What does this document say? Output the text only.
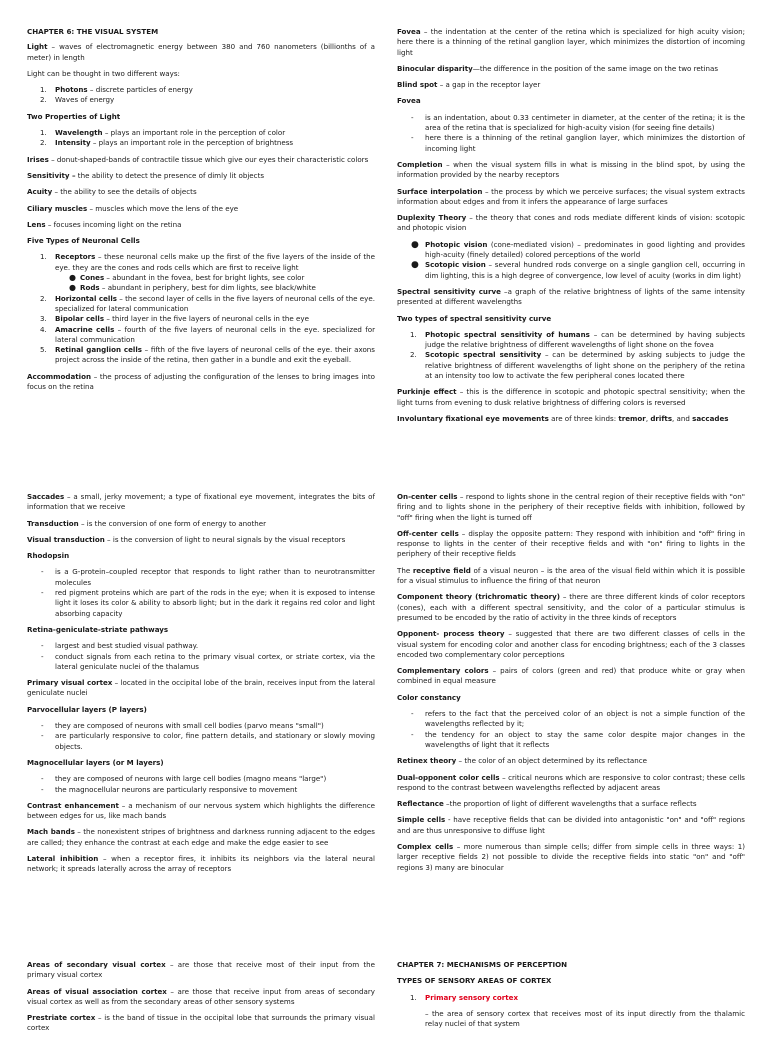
CHAPTER 6: THE VISUAL SYSTEM

Light – waves of electromagnetic energy between 380 and 760 nanometers (billionths of a meter) in length

Light can be thought in two different ways:

1. Photons – discrete particles of energy
2. Waves of energy

Two Properties of Light

1. Wavelength – plays an important role in the perception of color
2. Intensity – plays an important role in the perception of brightness

Irises – donut-shaped-bands of contractile tissue which give our eyes their characteristic colors

Sensitivity – the ability to detect the presence of dimly lit objects

Acuity – the ability to see the details of objects

Ciliary muscles – muscles which move the lens of the eye

Lens – focuses incoming light on the retina

Five Types of Neuronal Cells

1. Receptors – these neuronal cells make up the first of the five layers of the inside of the eye. they are the cones and rods cells which are first to receive light
● Cones – abundant in the fovea, best for bright lights, see color
● Rods – abundant in periphery, best for dim lights, see black/white
2. Horizontal cells – the second layer of cells in the five layers of neuronal cells of the eye. specialized for lateral communication
3. Bipolar cells – third layer in the five layers of neuronal cells in the eye
4. Amacrine cells – fourth of the five layers of neuronal cells in the eye. specialized for lateral communication
5. Retinal ganglion cells – fifth of the five layers of neuronal cells of the eye. their axons project across the inside of the retina, then gather in a bundle and exit the eyeball.

Accommodation – the process of adjusting the configuration of the lenses to bring images into focus on the retina

Saccades – a small, jerky movement; a type of fixational eye movement, integrates the bits of information that we receive

Transduction – is the conversion of one form of energy to another

Visual transduction – is the conversion of light to neural signals by the visual receptors

Rhodopsin

- is a G-protein–coupled receptor that responds to light rather than to neurotransmitter molecules
- red pigment proteins which are part of the rods in the eye; when it is exposed to intense light it loses its color & ability to absorb light; but in the dark it regains red color and light absorbing capacity

Retina-geniculate-striate pathways

- largest and best studied visual pathway.
- conduct signals from each retina to the primary visual cortex, or striate cortex, via the lateral geniculate nuclei of the thalamus

Primary visual cortex – located in the occipital lobe of the brain, receives input from the lateral geniculate nuclei

Parvocellular layers (P layers)

- they are composed of neurons with small cell bodies (parvo means "small")
- are particularly responsive to color, fine pattern details, and stationary or slowly moving objects.

Magnocellular layers (or M layers)

- they are composed of neurons with large cell bodies (magno means "large")
- the magnocellular neurons are particularly responsive to movement

Contrast enhancement – a mechanism of our nervous system which highlights the difference between edges for us, like mach bands

Mach bands – the nonexistent stripes of brightness and darkness running adjacent to the edges are called; they enhance the contrast at each edge and make the edge easier to see

Lateral inhibition – when a receptor fires, it inhibits its neighbors via the lateral neural network; it spreads laterally across the array of receptors

Areas of secondary visual cortex – are those that receive most of their input from the primary visual cortex

Areas of visual association cortex – are those that receive input from areas of secondary visual cortex as well as from the secondary areas of other sensory systems

Prestriate cortex – is the band of tissue in the occipital lobe that surrounds the primary visual cortex

Fovea – the indentation at the center of the retina which is specialized for high acuity vision; here there is a thinning of the retinal ganglion layer, which minimizes the distortion of incoming light

Binocular disparity—the difference in the position of the same image on the two retinas

Blind spot – a gap in the receptor layer

Fovea

- is an indentation, about 0.33 centimeter in diameter, at the center of the retina; it is the area of the retina that is specialized for high-acuity vision (for seeing fine details)
- here there is a thinning of the retinal ganglion layer, which minimizes the distortion of incoming light

Completion – when the visual system fills in what is missing in the blind spot, by using the information provided by the nearby receptors

Surface interpolation – the process by which we perceive surfaces; the visual system extracts information about edges and from it infers the appearance of large surfaces

Duplexity Theory – the theory that cones and rods mediate different kinds of vision: scotopic and photopic vision

● Photopic vision (cone-mediated vision) – predominates in good lighting and provides high-acuity (finely detailed) colored perceptions of the world
● Scotopic vision – several hundred rods converge on a single ganglion cell, occurring in dim lighting, this is a high degree of convergence, low level of acuity (works in dim light)

Spectral sensitivity curve –a graph of the relative brightness of lights of the same intensity presented at different wavelengths

Two types of spectral sensitivity curve

1. Photopic spectral sensitivity of humans – can be determined by having subjects judge the relative brightness of different wavelengths of light shone on the fovea
2. Scotopic spectral sensitivity – can be determined by asking subjects to judge the relative brightness of different wavelengths of light shone on the periphery of the retina at an intensity too low to activate the few peripheral cones located there

Purkinje effect – this is the difference in scotopic and photopic spectral sensitivity; when the light turns from evening to dusk relative brightness of differing colors is reversed

Involuntary fixational eye movements are of three kinds: tremor, drifts, and saccades

On-center cells – respond to lights shone in the central region of their receptive fields with "on" firing and to lights shone in the periphery of their receptive fields with inhibition, followed by "off" firing when the light is turned off

Off-center cells – display the opposite pattern: They respond with inhibition and "off" firing in response to lights in the center of their receptive fields and with "on" firing to lights in the periphery of their receptive fields

The receptive field of a visual neuron – is the area of the visual field within which it is possible for a visual stimulus to influence the firing of that neuron

Component theory (trichromatic theory) – there are three different kinds of color receptors (cones), each with a different spectral sensitivity, and the color of a particular stimulus is presumed to be encoded by the ratio of activity in the three kinds of receptors

Opponent- process theory – suggested that there are two different classes of cells in the visual system for encoding color and another class for encoding brightness; each of the 3 classes encoded two complementary color perceptions

Complementary colors – pairs of colors (green and red) that produce white or gray when combined in equal measure

Color constancy

- refers to the fact that the perceived color of an object is not a simple function of the wavelengths reflected by it;
- the tendency for an object to stay the same color despite major changes in the wavelengths of light that it reflects

Retinex theory – the color of an object determined by its reflectance

Dual-opponent color cells – critical neurons which are responsive to color contrast; these cells respond to the contrast between wavelengths reflected by adjacent areas

Reflectance –the proportion of light of different wavelengths that a surface reflects

Simple cells - have receptive fields that can be divided into antagonistic "on" and "off" regions and are thus unresponsive to diffuse light

Complex cells – more numerous than simple cells; differ from simple cells in three ways: 1) larger receptive fields 2) not possible to divide the receptive fields into static "on" and "off" regions 3) many are binocular

CHAPTER 7: MECHANISMS OF PERCEPTION

TYPES OF SENSORY AREAS OF CORTEX

1. Primary sensory cortex

– the area of sensory cortex that receives most of its input directly from the thalamic relay nuclei of that system
